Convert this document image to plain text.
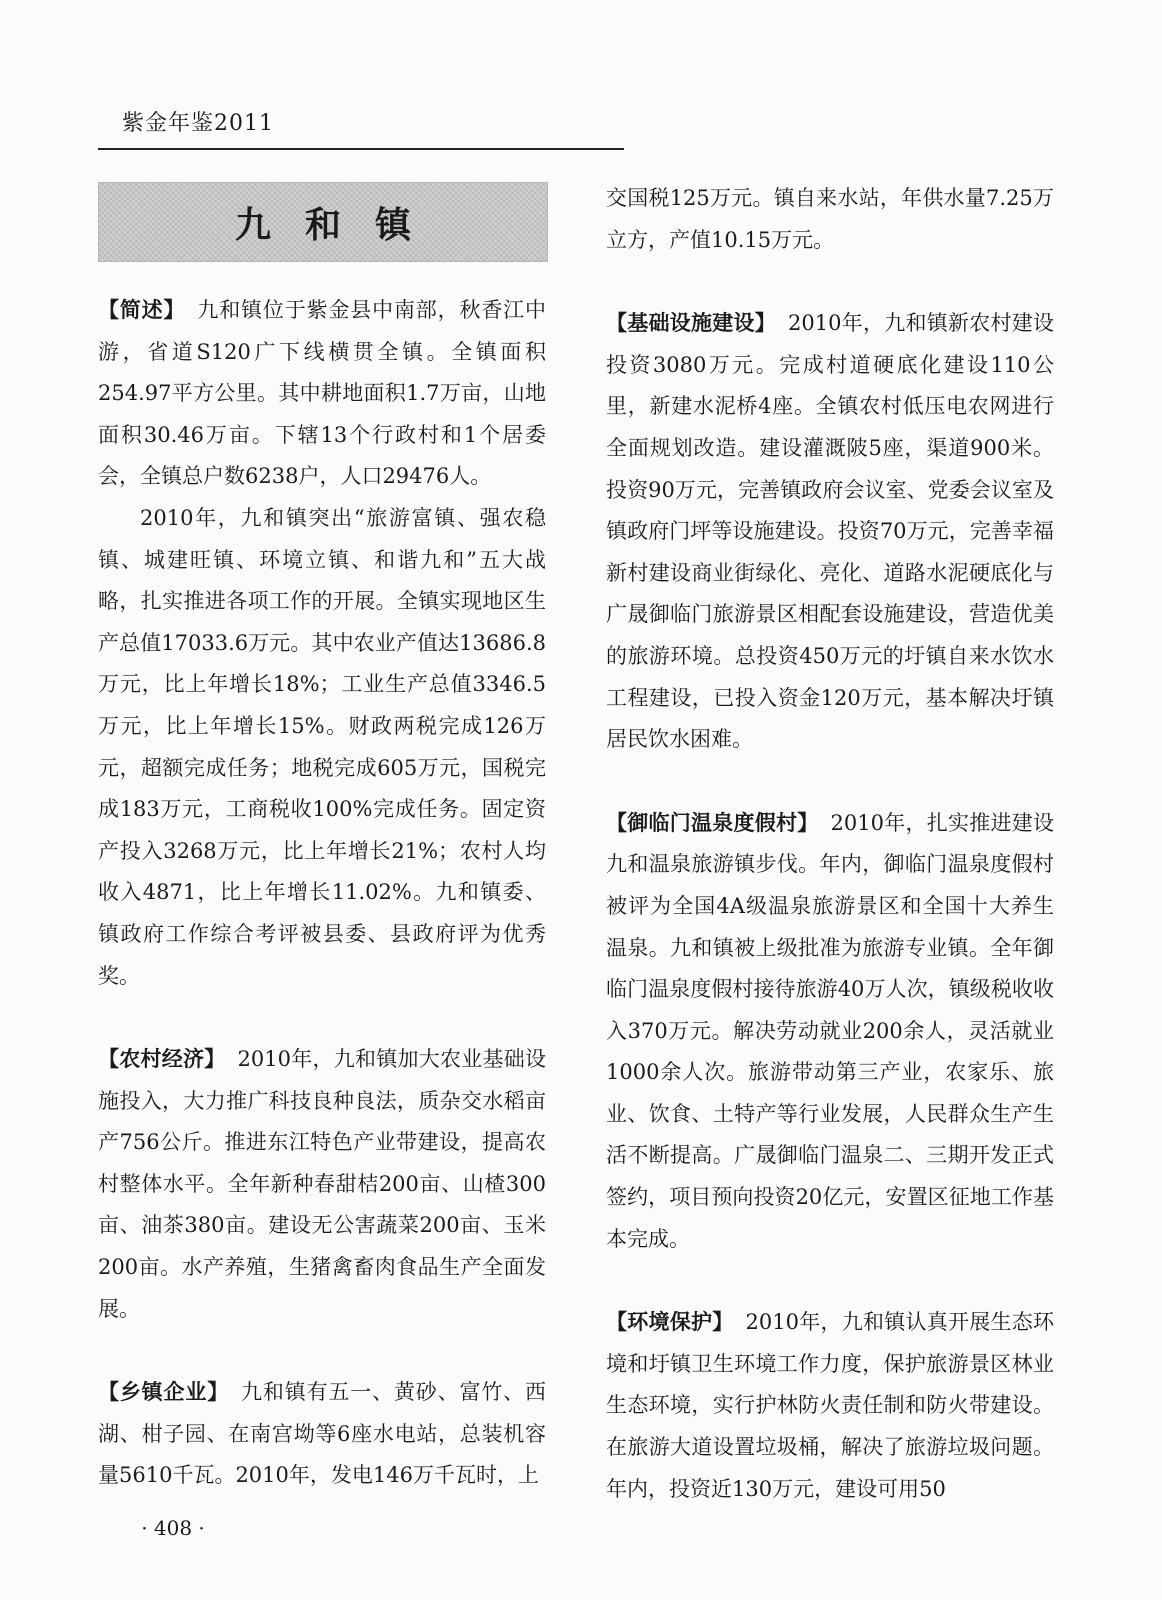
紫金年鉴2011

九和镇

【简述】 九和镇位于紫金县中南部，秋香江中游，省道S120广下线横贯全镇。全镇面积254.97平方公里。其中耕地面积1.7万亩，山地面积30.46万亩。下辖13个行政村和1个居委会，全镇总户数6238户，人口29476人。

2010年，九和镇突出“旅游富镇、强农稳镇、城建旺镇、环境立镇、和谐九和”五大战略，扎实推进各项工作的开展。全镇实现地区生产总值17033.6万元。其中农业产值达13686.8万元，比上年增长18%；工业生产总值3346.5万元，比上年增长15%。财政两税完成126万元，超额完成任务；地税完成605万元，国税完成183万元，工商税收100%完成任务。固定资产投入3268万元，比上年增长21%；农村人均收入4871，比上年增长11.02%。九和镇委、镇政府工作综合考评被县委、县政府评为优秀奖。

【农村经济】 2010年，九和镇加大农业基础设施投入，大力推广科技良种良法，质杂交水稻亩产756公斤。推进东江特色产业带建设，提高农村整体水平。全年新种春甜桔200亩、山楂300亩、油茶380亩。建设无公害蔬菜200亩、玉米200亩。水产养殖，生猪禽畜肉食品生产全面发展。

【乡镇企业】 九和镇有五一、黄砂、富竹、西湖、柑子园、在南宫坳等6座水电站，总装机容量5610千瓦。2010年，发电146万千瓦时，上

交国税125万元。镇自来水站，年供水量7.25万立方，产值10.15万元。

【基础设施建设】 2010年，九和镇新农村建设投资3080万元。完成村道硬底化建设110公里，新建水泥桥4座。全镇农村低压电农网进行全面规划改造。建设灌溉陂5座，渠道900米。投资90万元，完善镇政府会议室、党委会议室及镇政府门坪等设施建设。投资70万元，完善幸福新村建设商业街绿化、亮化、道路水泥硬底化与广晟御临门旅游景区相配套设施建设，营造优美的旅游环境。总投资450万元的圩镇自来水饮水工程建设，已投入资金120万元，基本解决圩镇居民饮水困难。

【御临门温泉度假村】 2010年，扎实推进建设九和温泉旅游镇步伐。年内，御临门温泉度假村被评为全国4A级温泉旅游景区和全国十大养生温泉。九和镇被上级批准为旅游专业镇。全年御临门温泉度假村接待旅游40万人次，镇级税收收入370万元。解决劳动就业200余人，灵活就业1000余人次。旅游带动第三产业，农家乐、旅业、饮食、土特产等行业发展，人民群众生产生活不断提高。广晟御临门温泉二、三期开发正式签约，项目预向投资20亿元，安置区征地工作基本完成。

【环境保护】 2010年，九和镇认真开展生态环境和圩镇卫生环境工作力度，保护旅游景区林业生态环境，实行护林防火责任制和防火带建设。在旅游大道设置垃圾桶，解决了旅游垃圾问题。年内，投资近130万元，建设可用50

· 408 ·
